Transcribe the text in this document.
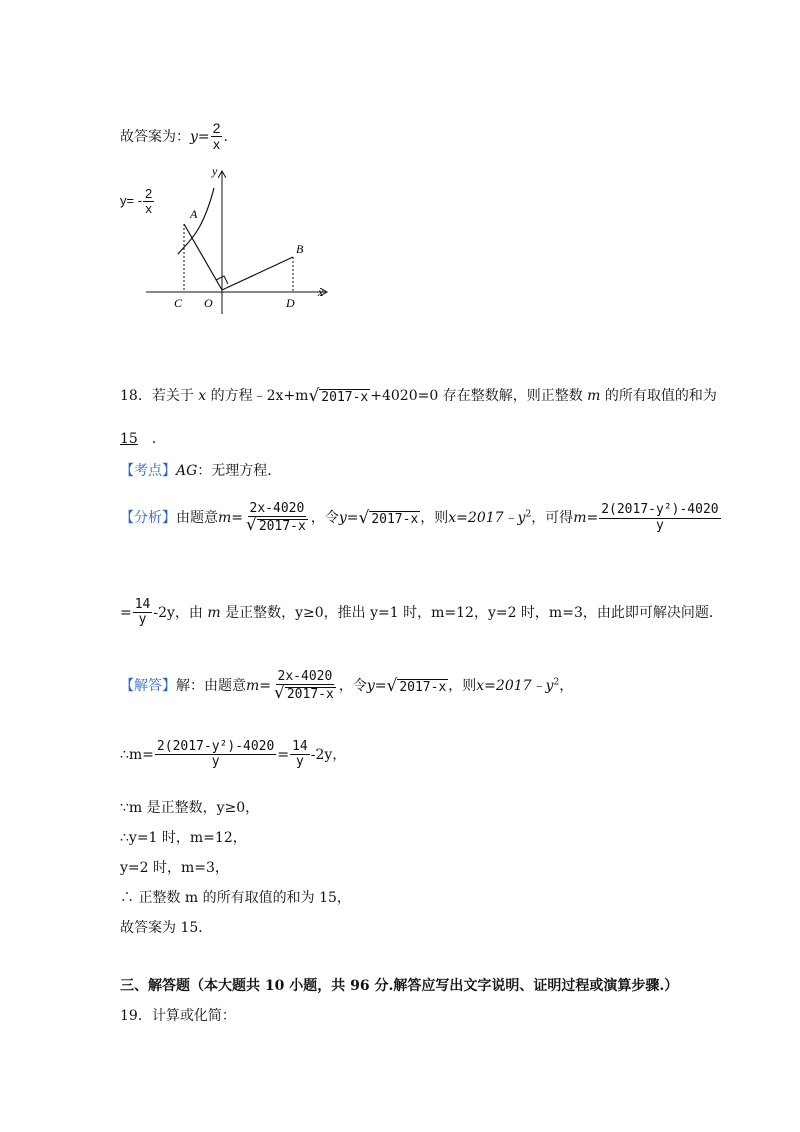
故答案为：$y= \frac{2}{x}$ .
$y= - \frac{2}{x}$	A
B
C O	D
x
y
18．若关于 x 的方程﹣2x+m √ 2017-x +4020=0 存在整数解，则正整数 m 的所有取值的和为
15 ．
【考点】AG：无理方程．
【分析】由题意$m= \frac{2x-4020}{√ 2017-x}$ ，令y= √ 2017-x ，则$x=2017﹣y^2$，可得$m= \frac{\text{2(2017-y²)-4020}}{y}$
= $\frac{14}{y} -2y$，由 m 是正整数，y≥0，推出 y=1 时，m=12，y=2 时，m=3，由此即可解决问题．
【解答】解：由题意$m= \frac{2x-4020}{√ 2017-x}$ ，令y= √ 2017-x ，则$x=2017﹣y^2$，
∴m= $\frac{\text{2(2017-y²)-4020}}{y} = \frac{14}{y} -2y$，
∵m 是正整数，y≥0，
∴y=1 时，m=12，
y=2 时，m=3，
∴ 正整数 m 的所有取值的和为 15，
故答案为 15．
三、解答题（本大题共 10 小题，共 96 分.解答应写出文字说明、证明过程或演算步骤.）
19．计算或化简：
